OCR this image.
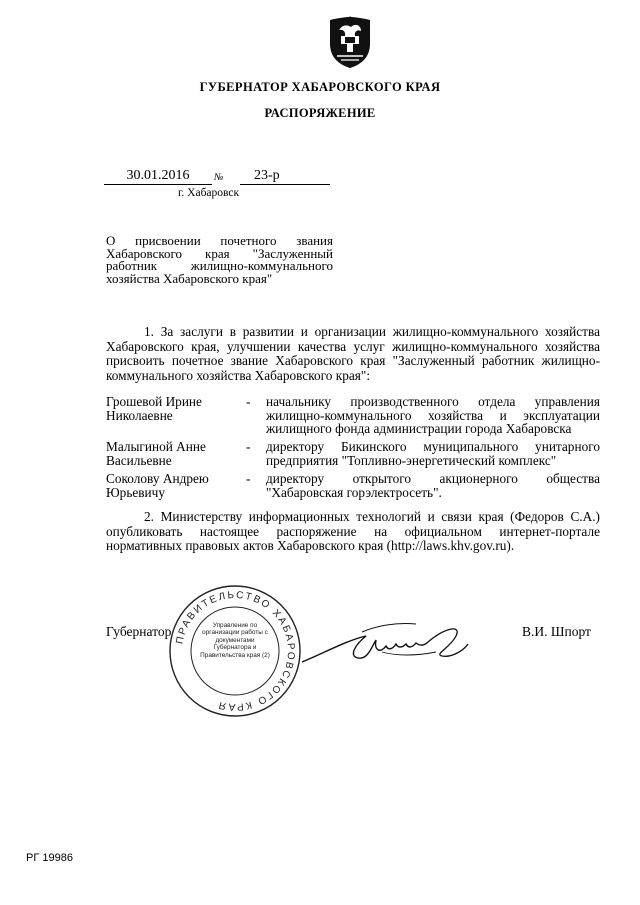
ГУБЕРНАТОР ХАБАРОВСКОГО КРАЯ
РАСПОРЯЖЕНИЕ
30.01.2016	№	23-р
г. Хабаровск
О присвоении почетного звания Хабаровского края "Заслуженный работник жилищно-коммунального хозяйства Хабаровского края"
1. За заслуги в развитии и организации жилищно-коммунального хозяйства Хабаровского края, улучшении качества услуг жилищно-коммунального хозяйства присвоить почетное звание Хабаровского края "Заслуженный работник жилищно-коммунального хозяйства Хабаровского края":
Грошевой Ирине Николаевне
- начальнику производственного отдела управления жилищно-коммунального хозяйства и эксплуатации жилищного фонда администрации города Хабаровска
Малыгиной Анне Васильевне
- директору Бикинского муниципального унитарного предприятия "Топливно-энергетический комплекс"
Соколову Андрею Юрьевичу
- директору открытого акционерного общества "Хабаровская горэлектросеть".
2. Министерству информационных технологий и связи края (Федоров С.А.) опубликовать настоящее распоряжение на официальном интернет-портале нормативных правовых актов Хабаровского края (http://laws.khv.gov.ru).
Губернатор	В.И. Шпорт
ПРАВИТЕЛЬСТВО ХАБАРОВСКОГО КРАЯ
Управление по организации работы с документами Губернатора и Правительства края (2)
РГ 19986
